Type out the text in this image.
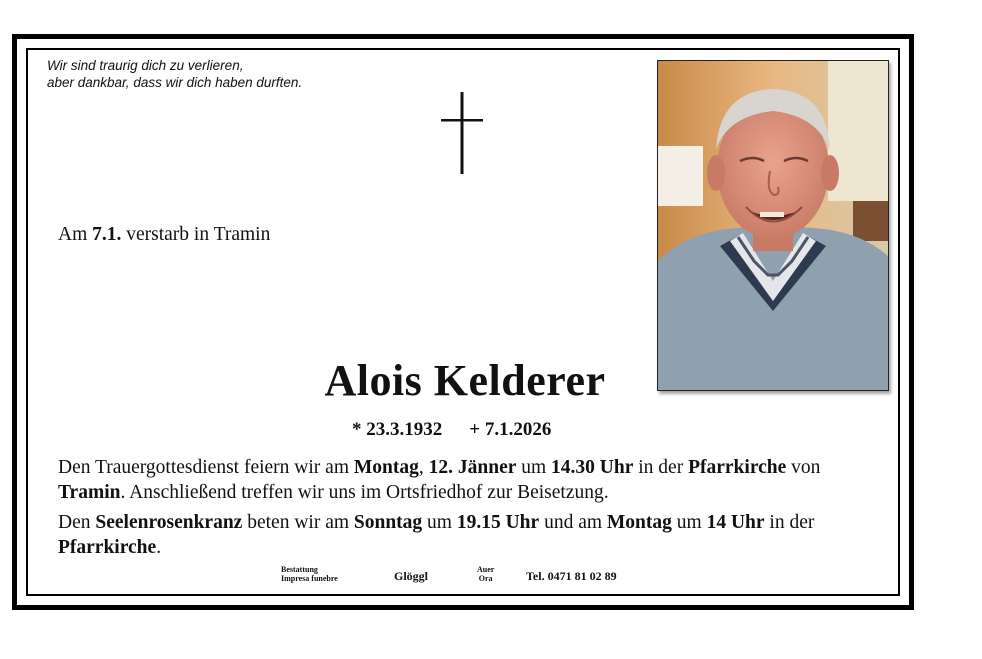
Wir sind traurig dich zu verlieren,
aber dankbar, dass wir dich haben durften.
Am 7.1. verstarb in Tramin
Alois Kelderer
* 23.3.1932 + 7.1.2026
Den Trauergottesdienst feiern wir am Montag, 12. Jänner um 14.30 Uhr in der Pfarrkirche von Tramin. Anschließend treffen wir uns im Ortsfriedhof zur Beisetzung.
Den Seelenrosenkranz beten wir am Sonntag um 19.15 Uhr und am Montag um 14 Uhr in der Pfarrkirche.
Bestattung
Impresa funebre	Glöggl	Auer
Ora	Tel. 0471 81 02 89
